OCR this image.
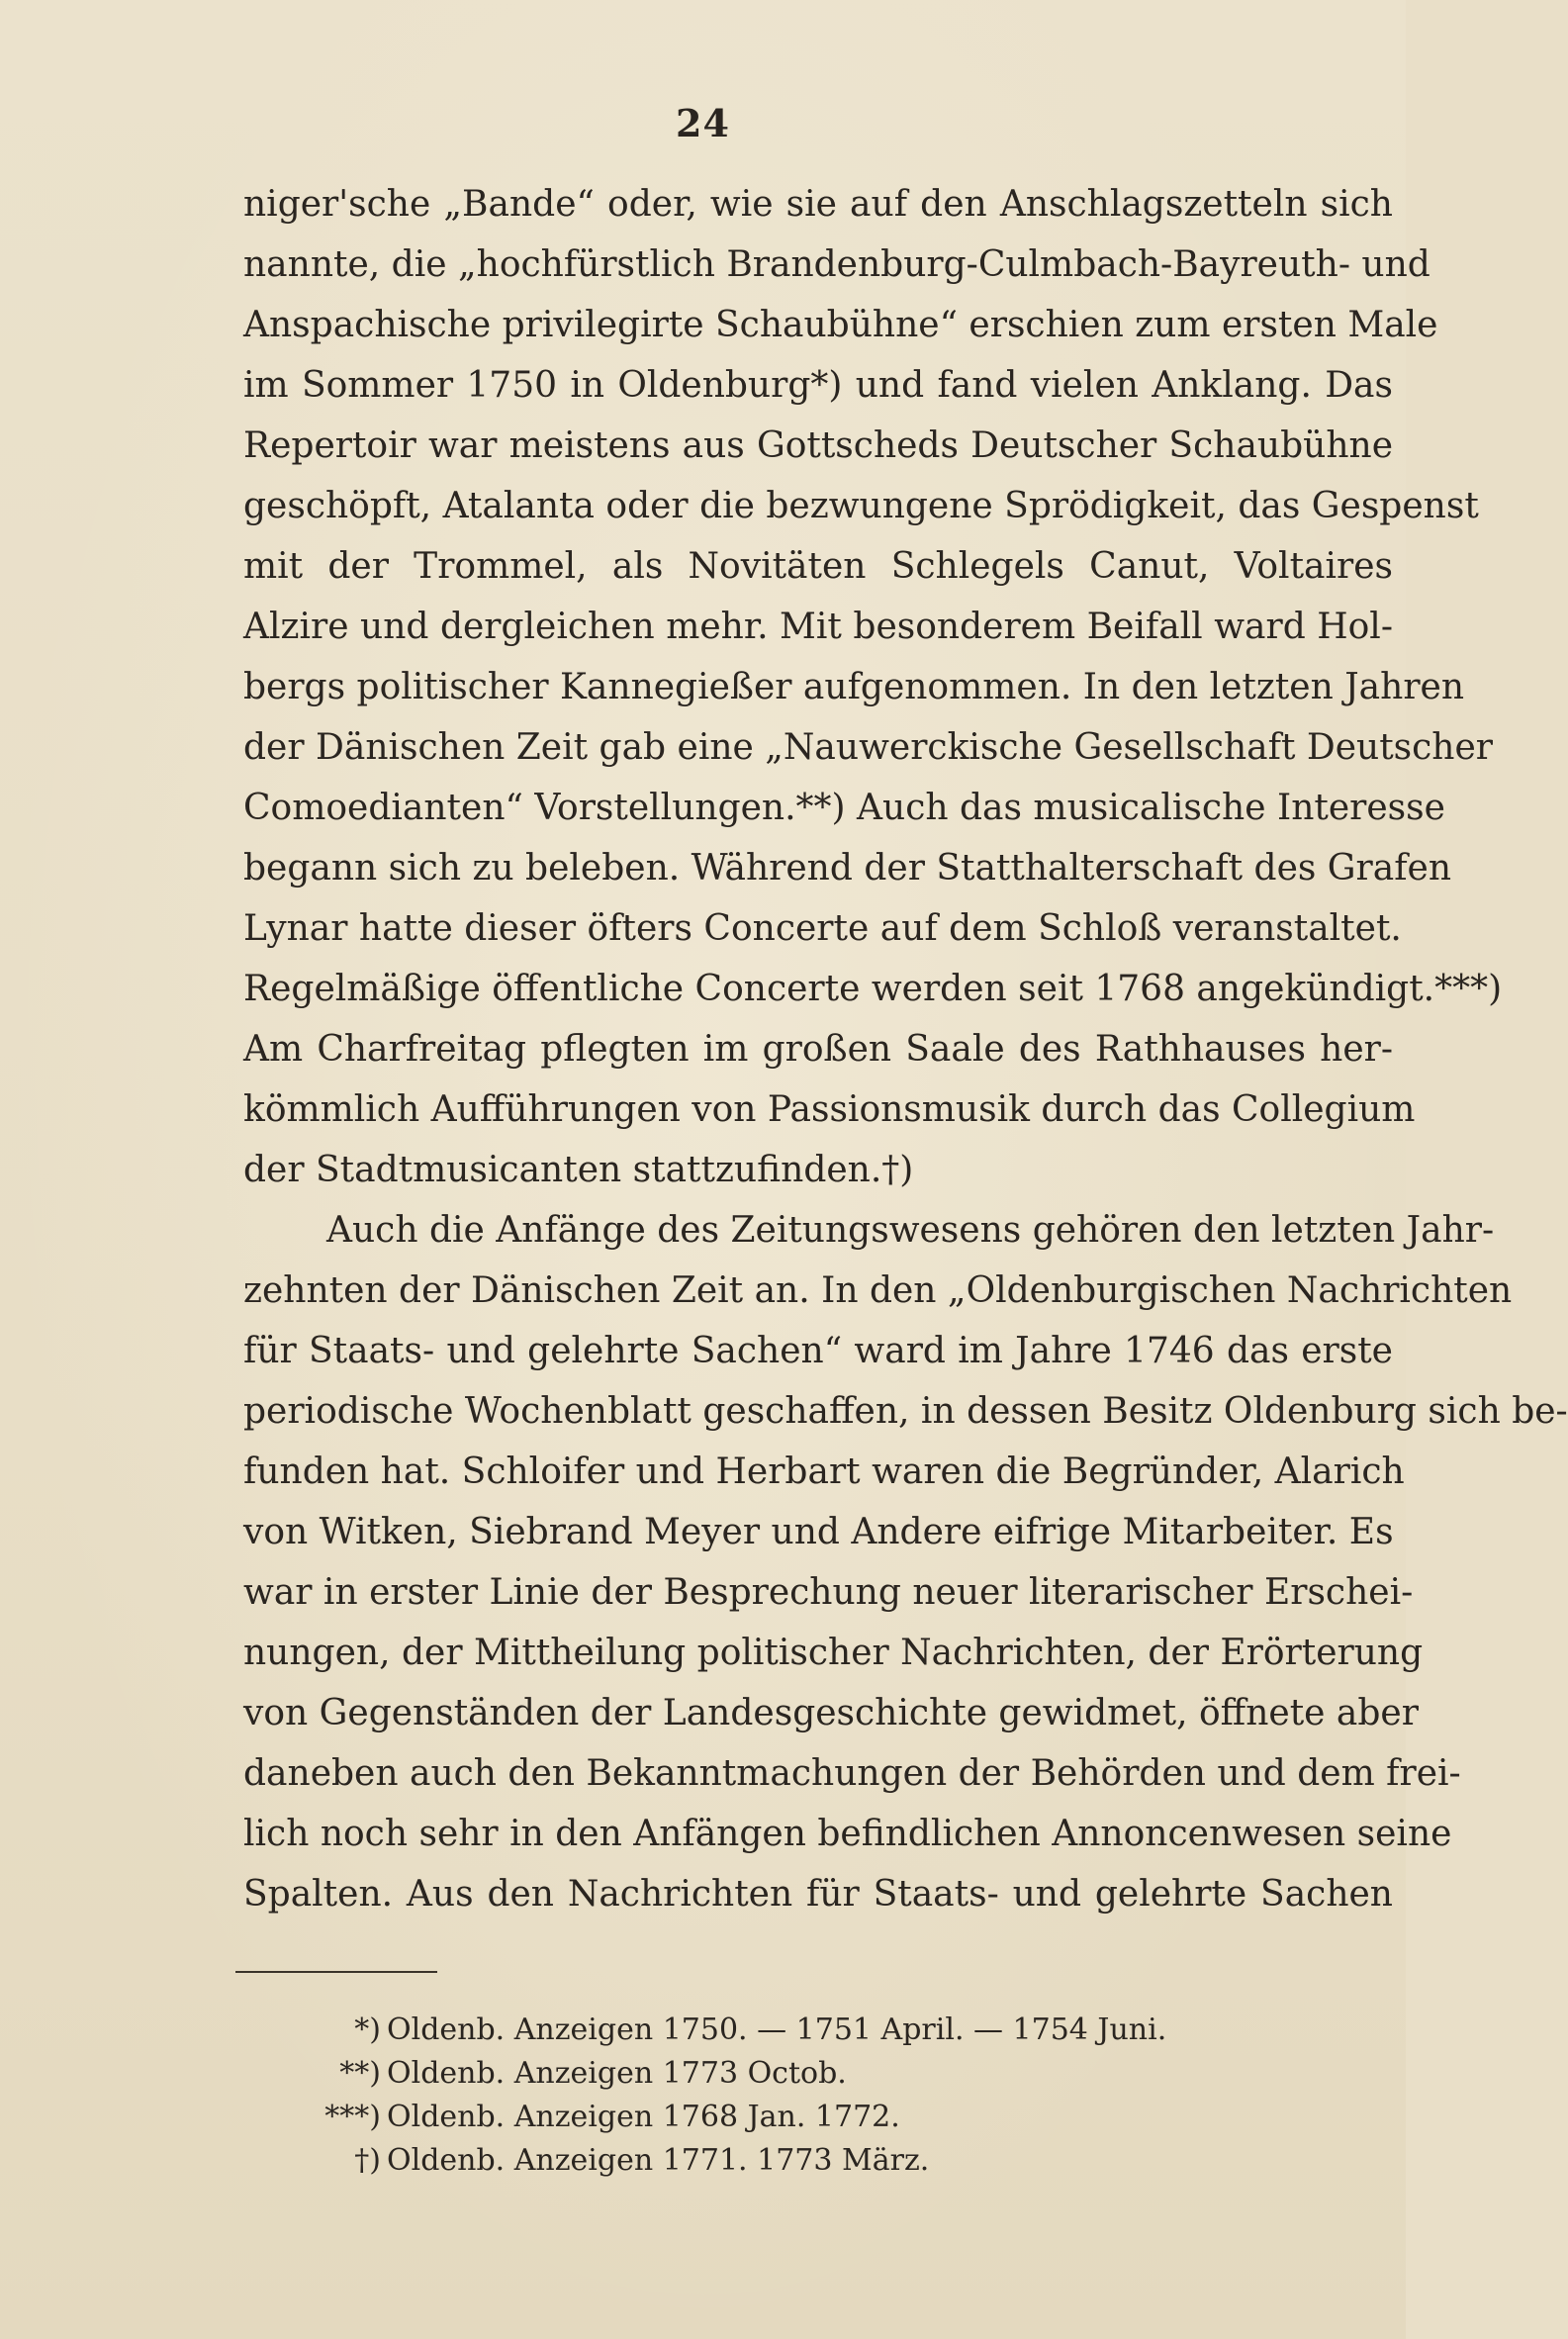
24
niger'sche „Bande“ oder, wie sie auf den Anschlagszetteln sich
nannte, die „hochfürstlich Brandenburg-Culmbach-Bayreuth- und
Anspachische privilegirte Schaubühne“ erschien zum ersten Male
im Sommer 1750 in Oldenburg*) und fand vielen Anklang. Das
Repertoir war meistens aus Gottscheds Deutscher Schaubühne
geschöpft, Atalanta oder die bezwungene Sprödigkeit, das Gespenst
mit der Trommel, als Novitäten Schlegels Canut, Voltaires
Alzire und dergleichen mehr. Mit besonderem Beifall ward Hol-
bergs politischer Kannegießer aufgenommen. In den letzten Jahren
der Dänischen Zeit gab eine „Nauwerckische Gesellschaft Deutscher
Comoedianten“ Vorstellungen.**) Auch das musicalische Interesse
begann sich zu beleben. Während der Statthalterschaft des Grafen
Lynar hatte dieser öfters Concerte auf dem Schloß veranstaltet.
Regelmäßige öffentliche Concerte werden seit 1768 angekündigt.***)
Am Charfreitag pflegten im großen Saale des Rathhauses her-
kömmlich Aufführungen von Passionsmusik durch das Collegium
der Stadtmusicanten stattzufinden.†)
Auch die Anfänge des Zeitungswesens gehören den letzten Jahr-
zehnten der Dänischen Zeit an. In den „Oldenburgischen Nachrichten
für Staats- und gelehrte Sachen“ ward im Jahre 1746 das erste
periodische Wochenblatt geschaffen, in dessen Besitz Oldenburg sich be-
funden hat. Schloifer und Herbart waren die Begründer, Alarich
von Witken, Siebrand Meyer und Andere eifrige Mitarbeiter. Es
war in erster Linie der Besprechung neuer literarischer Erschei-
nungen, der Mittheilung politischer Nachrichten, der Erörterung
von Gegenständen der Landesgeschichte gewidmet, öffnete aber
daneben auch den Bekanntmachungen der Behörden und dem frei-
lich noch sehr in den Anfängen befindlichen Annoncenwesen seine
Spalten. Aus den Nachrichten für Staats- und gelehrte Sachen
*) Oldenb. Anzeigen 1750. — 1751 April. — 1754 Juni.
**) Oldenb. Anzeigen 1773 Octob.
***) Oldenb. Anzeigen 1768 Jan. 1772.
†) Oldenb. Anzeigen 1771. 1773 März.
